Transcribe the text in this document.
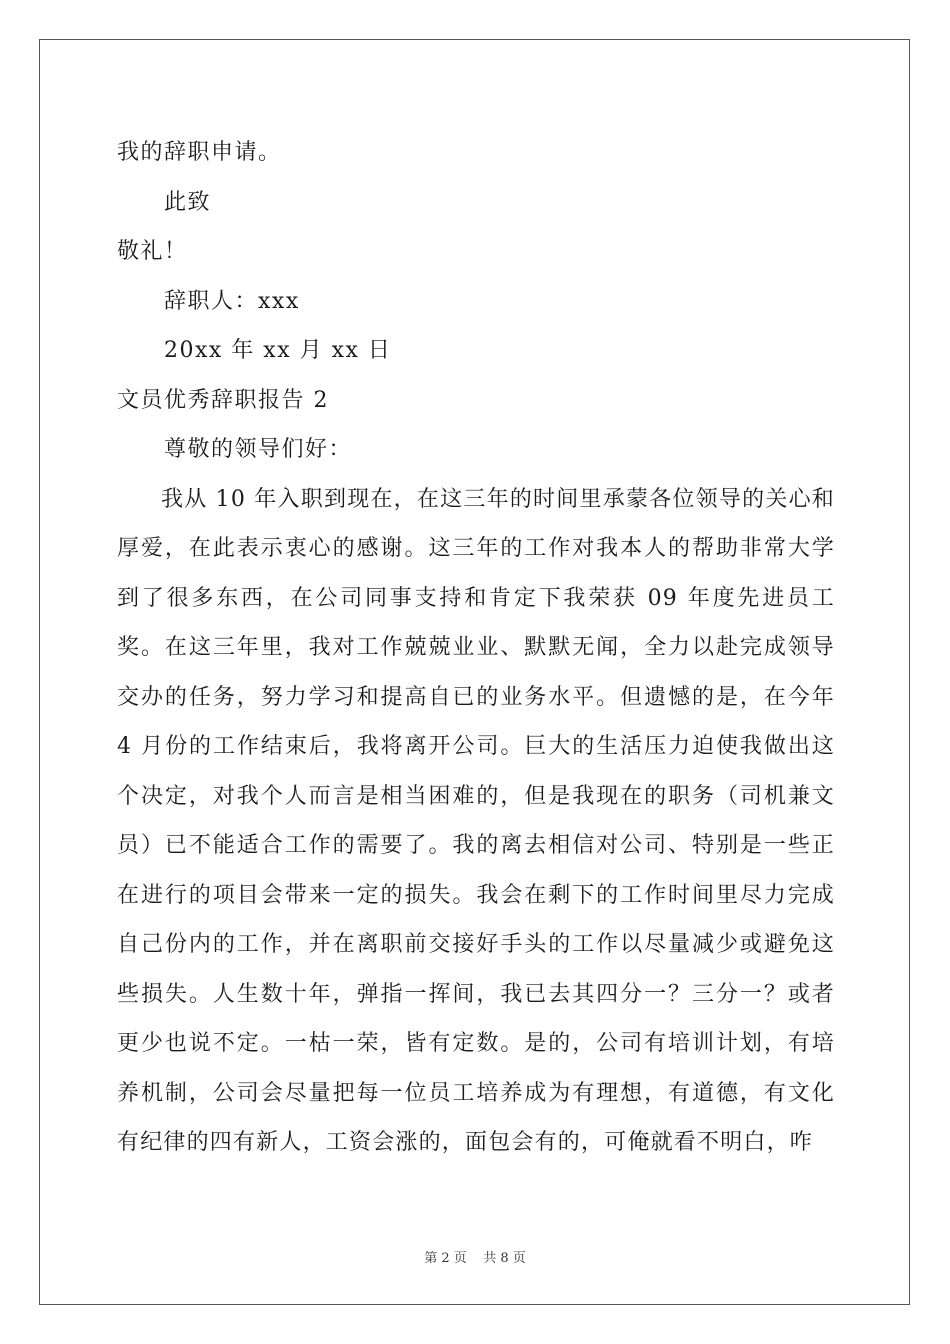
我的辞职申请。
此致
敬礼！
辞职人：xxx
20xx 年 xx 月 xx 日
文员优秀辞职报告 2
尊敬的领导们好：
我从 10 年入职到现在，在这三年的时间里承蒙各位领导的关心和厚爱，在此表示衷心的感谢。这三年的工作对我本人的帮助非常大学到了很多东西，在公司同事支持和肯定下我荣获 09 年度先进员工奖。在这三年里，我对工作兢兢业业、默默无闻，全力以赴完成领导交办的任务，努力学习和提高自已的业务水平。但遗憾的是，在今年 4 月份的工作结束后，我将离开公司。巨大的生活压力迫使我做出这个决定，对我个人而言是相当困难的，但是我现在的职务（司机兼文员）已不能适合工作的需要了。我的离去相信对公司、特别是一些正在进行的项目会带来一定的损失。我会在剩下的工作时间里尽力完成自己份内的工作，并在离职前交接好手头的工作以尽量减少或避免这些损失。人生数十年，弹指一挥间，我已去其四分一？三分一？或者更少也说不定。一枯一荣，皆有定数。是的，公司有培训计划，有培养机制，公司会尽量把每一位员工培养成为有理想，有道德，有文化有纪律的四有新人，工资会涨的，面包会有的，可俺就看不明白，咋
第 2 页    共 8 页
